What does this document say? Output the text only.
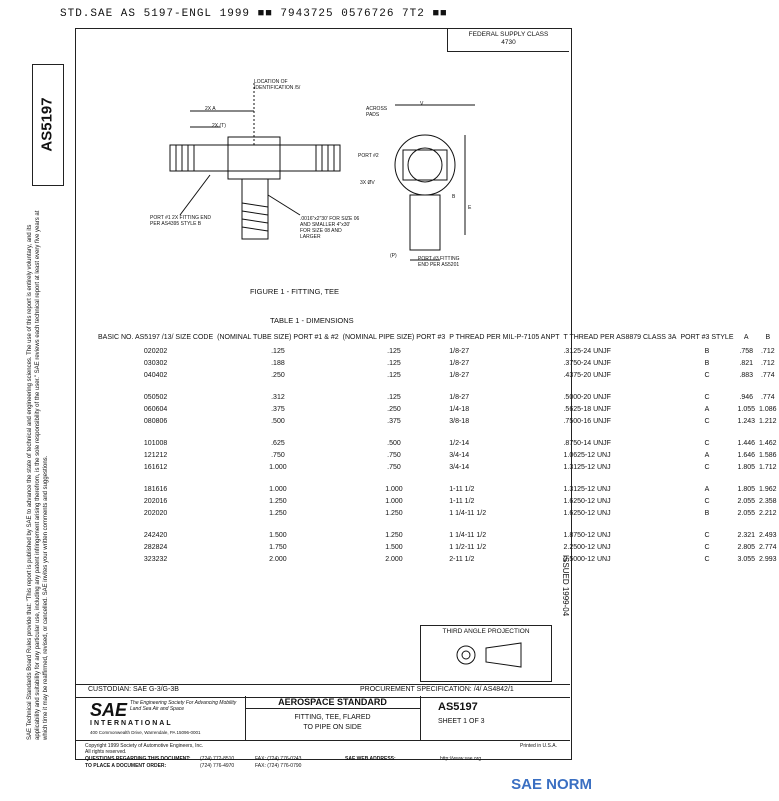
STD.SAE AS 5197-ENGL 1999 ■■ 7943725 0576726 7T2 ■■
FEDERAL SUPPLY CLASS
4730
AS5197
SAE Technical Standards Board Rules provide that: "This report is published by SAE to advance the state of technical and engineering sciences. The use of this report is entirely voluntary, and its applicability and suitability for any particular use, including any patent infringement arising therefrom, is the sole responsibility of the user." SAE reviews each technical report at least every five years at which time it may be reaffirmed, revised, or cancelled. SAE invites your written comments and suggestions.
LOCATION OF IDENTIFICATION /5/
2X A
2X (T)
PORT #1 2X FITTING END PER AS4395 STYLE B
.0016"x2"30' FOR SIZE 06 AND SMALLER 4"x30' FOR SIZE 08 AND LARGER
ACROSS PADS
V
PORT #2
3X ØV
B
E
(P)	PORT #3 FITTING END PER AS5201
FIGURE 1 - FITTING, TEE
TABLE 1 - DIMENSIONS
BASIC NO. AS5197 /13/ SIZE CODE	(NOMINAL TUBE SIZE) PORT #1 & #2	(NOMINAL PIPE SIZE) PORT #3	P THREAD PER MIL-P-7105 ANPT	T THREAD PER AS8879 CLASS 3A	PORT #3 STYLE	A	B
020202	.125	.125	1/8-27	.3125-24 UNJF	B	.758	.712
030302	.188	.125	1/8-27	.3750-24 UNJF	B	.821	.712
040402	.250	.125	1/8-27	.4375-20 UNJF	C	.883	.774
050502	.312	.125	1/8-27	.5000-20 UNJF	C	.946	.774
060604	.375	.250	1/4-18	.5625-18 UNJF	A	1.055	1.086
080806	.500	.375	3/8-18	.7500-16 UNJF	C	1.243	1.212
101008	.625	.500	1/2-14	.8750-14 UNJF	C	1.446	1.462
121212	.750	.750	3/4-14	1.0625-12 UNJ	A	1.646	1.586
161612	1.000	.750	3/4-14	1.3125-12 UNJ	C	1.805	1.712
181616	1.000	1.000	1-11 1/2	1.3125-12 UNJ	A	1.805	1.962
202016	1.250	1.000	1-11 1/2	1.6250-12 UNJ	C	2.055	2.358
202020	1.250	1.250	1 1/4-11 1/2	1.6250-12 UNJ	B	2.055	2.212
242420	1.500	1.250	1 1/4-11 1/2	1.8750-12 UNJ	C	2.321	2.493
282824	1.750	1.500	1 1/2-11 1/2	2.2500-12 UNJ	C	2.805	2.774
323232	2.000	2.000	2-11 1/2	2.5000-12 UNJ	C	3.055	2.993
ISSUED 1999-04
THIRD ANGLE PROJECTION
CUSTODIAN: SAE G-3/G-3B	PROCUREMENT SPECIFICATION: /4/ AS4842/1
SAE The Engineering Society For Advancing Mobility Land Sea Air and Space
INTERNATIONAL
400 Commonwealth Drive, Warrendale, PA 15096-0001
AEROSPACE STANDARD
FITTING, TEE, FLARED
TO PIPE ON SIDE
AS5197
SHEET 1 OF 3
Copyright 1999 Society of Automotive Engineers, Inc.
All rights reserved.
Printed in U.S.A.
QUESTIONS REGARDING THIS DOCUMENT: (724) 772-8510	FAX: (724) 776-0243
TO PLACE A DOCUMENT ORDER:	(724) 776-4970	FAX: (724) 776-0790
SAE WEB ADDRESS:	http://www.sae.org
SAE NORM
